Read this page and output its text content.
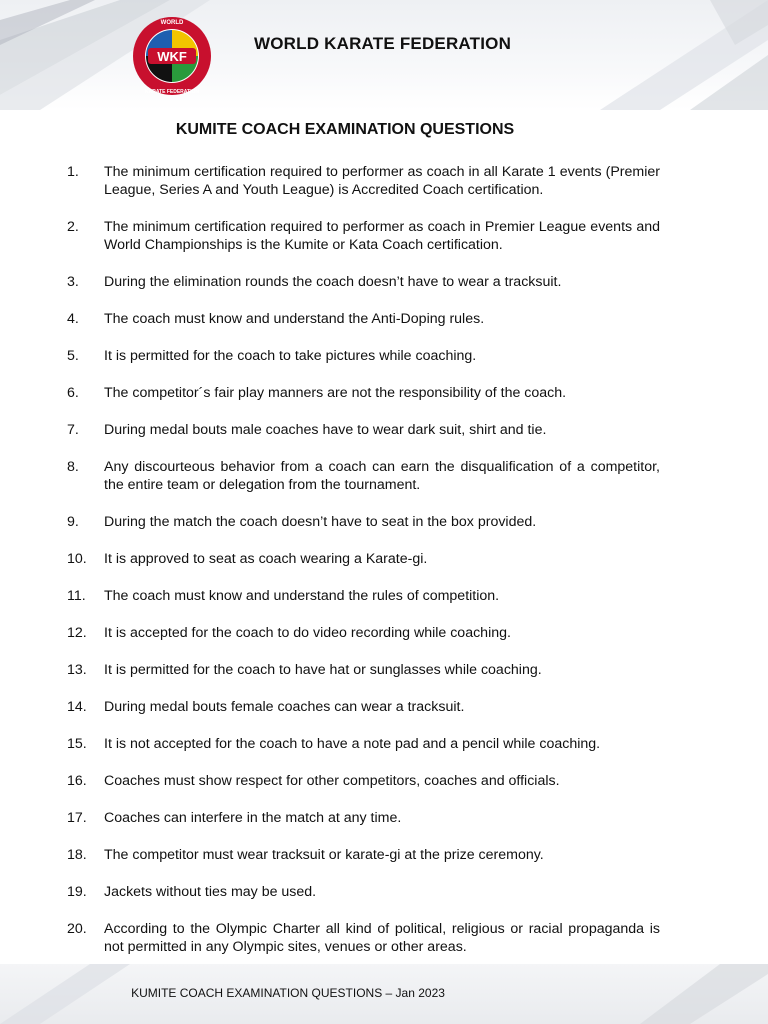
WKF
WORLD
KARATE FEDERATION
WORLD KARATE FEDERATION
KUMITE COACH EXAMINATION QUESTIONS
1. The minimum certification required to performer as coach in all Karate 1 events (Premier League, Series A and Youth League) is Accredited Coach certification.
2. The minimum certification required to performer as coach in Premier League events and World Championships is the Kumite or Kata Coach certification.
3. During the elimination rounds the coach doesn’t have to wear a tracksuit.
4. The coach must know and understand the Anti-Doping rules.
5. It is permitted for the coach to take pictures while coaching.
6. The competitor´s fair play manners are not the responsibility of the coach.
7. During medal bouts male coaches have to wear dark suit, shirt and tie.
8. Any discourteous behavior from a coach can earn the disqualification of a competitor, the entire team or delegation from the tournament.
9. During the match the coach doesn’t have to seat in the box provided.
10. It is approved to seat as coach wearing a Karate-gi.
11. The coach must know and understand the rules of competition.
12. It is accepted for the coach to do video recording while coaching.
13. It is permitted for the coach to have hat or sunglasses while coaching.
14. During medal bouts female coaches can wear a tracksuit.
15. It is not accepted for the coach to have a note pad and a pencil while coaching.
16. Coaches must show respect for other competitors, coaches and officials.
17. Coaches can interfere in the match at any time.
18. The competitor must wear tracksuit or karate-gi at the prize ceremony.
19. Jackets without ties may be used.
20. According to the Olympic Charter all kind of political, religious or racial propaganda is not permitted in any Olympic sites, venues or other areas.
KUMITE COACH EXAMINATION QUESTIONS – Jan 2023
